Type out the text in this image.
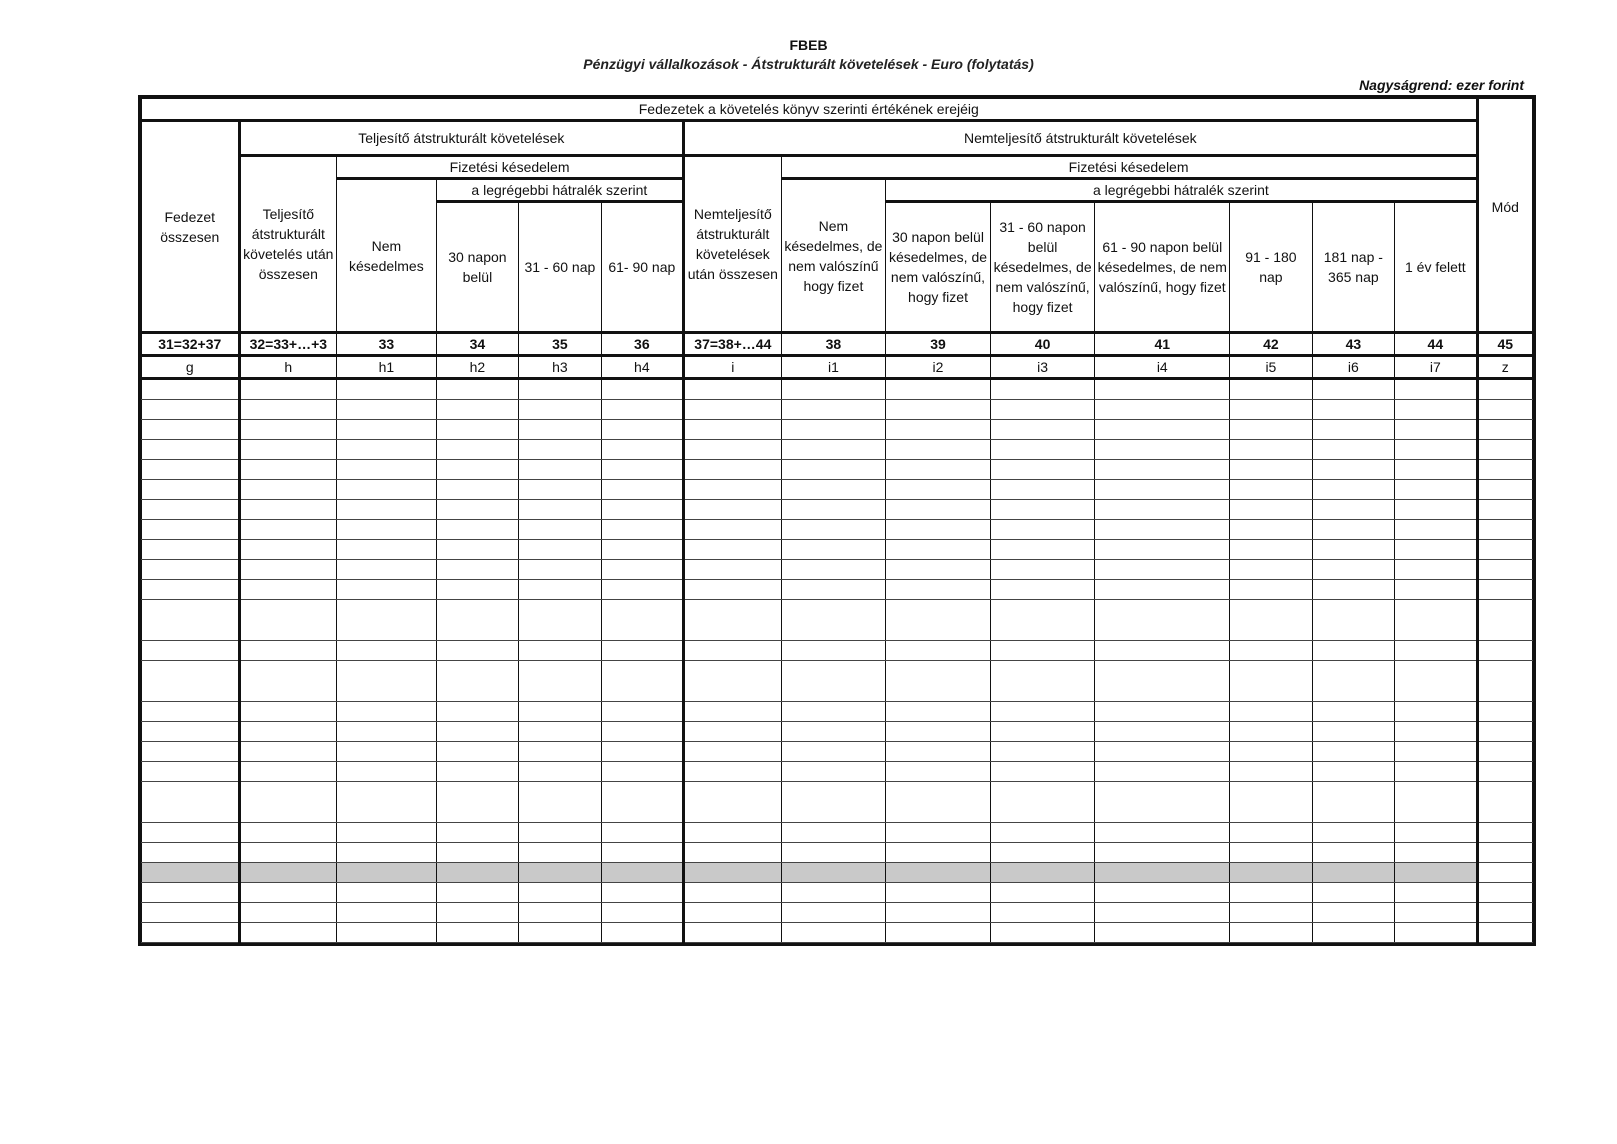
FBEB
Pénzügyi vállalkozások - Átstrukturált követelések - Euro (folytatás)
Nagyságrend: ezer forint
Fedezetek a követelés könyv szerinti értékének erejéig														Mód
Fedezet összesen	Teljesítő átstrukturált követelések					Nemteljesítő átstrukturált követelések								
	Teljesítő átstrukturált követelés után összesen	Fizetési késedelem				Nemteljesítő átstrukturált követelések után összesen	Fizetési késedelem							
		Nem késedelmes	a legrégebbi hátralék szerint				Nem késedelmes, de nem valószínű hogy fizet	a legrégebbi hátralék szerint						
			30 napon belül	31 - 60 nap	61- 90 nap			30 napon belül késedelmes, de nem valószínű, hogy fizet	31 - 60 napon belül késedelmes, de nem valószínű, hogy fizet	61 - 90 napon belül késedelmes, de nem valószínű, hogy fizet	91 - 180 nap	181 nap - 365 nap	1 év felett	
31=32+37	32=33+…+3	33	34	35	36	37=38+…44	38	39	40	41	42	43	44	45
g	h	h1	h2	h3	h4	i	i1	i2	i3	i4	i5	i6	i7	z
